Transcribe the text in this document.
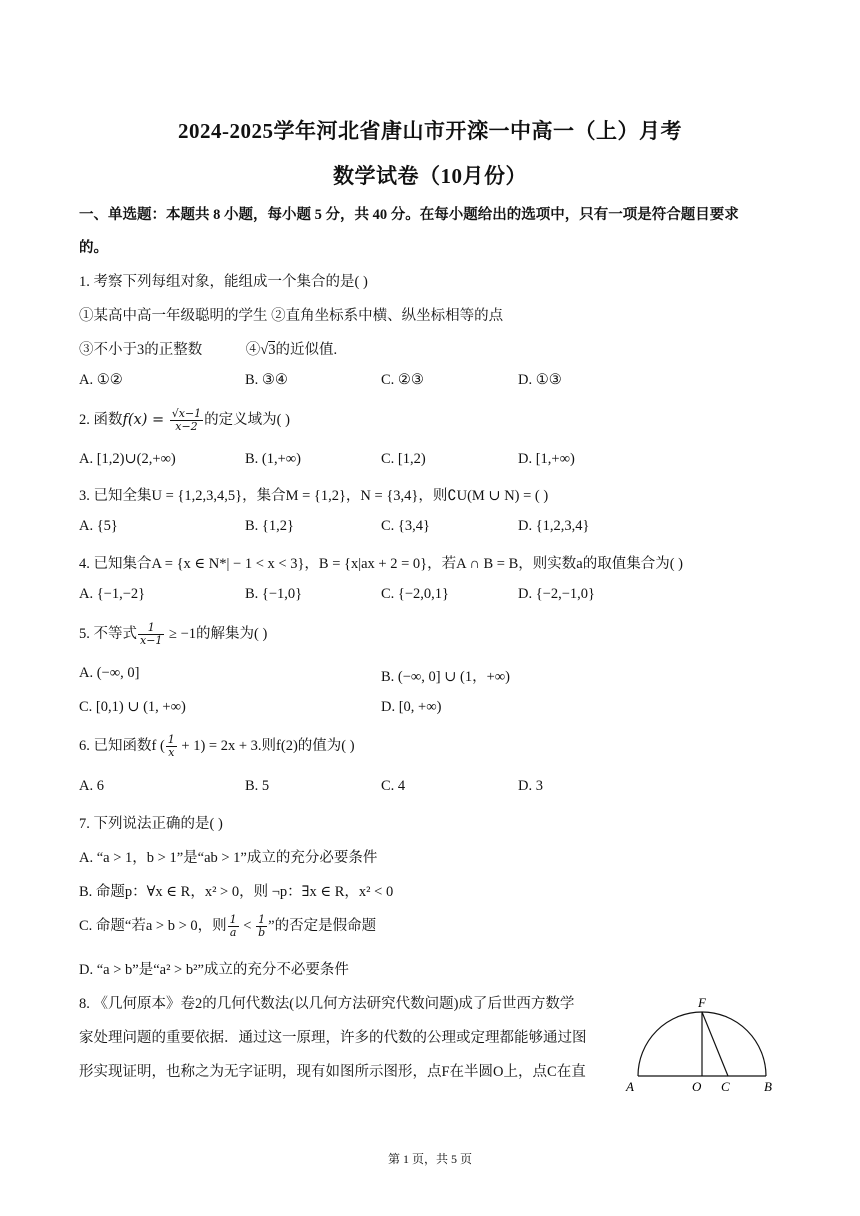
2024-2025学年河北省唐山市开滦一中高一（上）月考
数学试卷（10月份）
一、单选题：本题共 8 小题，每小题 5 分，共 40 分。在每小题给出的选项中，只有一项是符合题目要求
的。
1. 考察下列每组对象，能组成一个集合的是( )
①某高中高一年级聪明的学生 ②直角坐标系中横、纵坐标相等的点
③不小于3的正整数            ④√3的近似值.
A. ①②	B. ③④	C. ②③	D. ①③
2. 函数$f(x) = \frac{√x-1}{x-2}$ 的定义域为( )
A. [1,2)∪(2,+∞)	B. (1,+∞)	C. [1,2)	D. [1,+∞)
3. 已知全集U = {1,2,3,4,5}，集合M = {1,2}，N = {3,4}，则∁U(M ∪ N) = ( )
A. {5}	B. {1,2}	C. {3,4}	D. {1,2,3,4}
4. 已知集合A = {x ∈ N*| − 1 < x < 3}，B = {x|ax + 2 = 0}，若A ∩ B = B，则实数a的取值集合为( )
A. {−1,−2}	B. {−1,0}	C. {−2,0,1}	D. {−2,−1,0}
5. 不等式 $\frac{1}{x-1} \ge -1$的解集为( )
A. (−∞, 0]	B. (−∞, 0] ∪ (1，+∞)
C. [0,1) ∪ (1, +∞)	D. [0, +∞)
6. 已知函数f ( $\frac{1}{x} + 1) = 2x + 3$.则f(2)的值为( )
A. 6	B. 5	C. 4	D. 3
7. 下列说法正确的是( )
A. “a > 1，b > 1”是“ab > 1”成立的充分必要条件
B. 命题p：∀x ∈ R，x² > 0，则 ¬p：∃x ∈ R，x² < 0
C. 命题“若a > b > 0，则 $\frac{1}{a} < \frac{1}{b}$ ”的否定是假命题
D. “a > b”是“a² > b²”成立的充分不必要条件
8. 《几何原本》卷2的几何代数法(以几何方法研究代数问题)成了后世西方数学
家处理问题的重要依据．通过这一原理，许多的代数的公理或定理都能够通过图
形实现证明，也称之为无字证明，现有如图所示图形，点F在半圆O上，点C在直
F
A	O C	B
第 1 页，共 5 页
